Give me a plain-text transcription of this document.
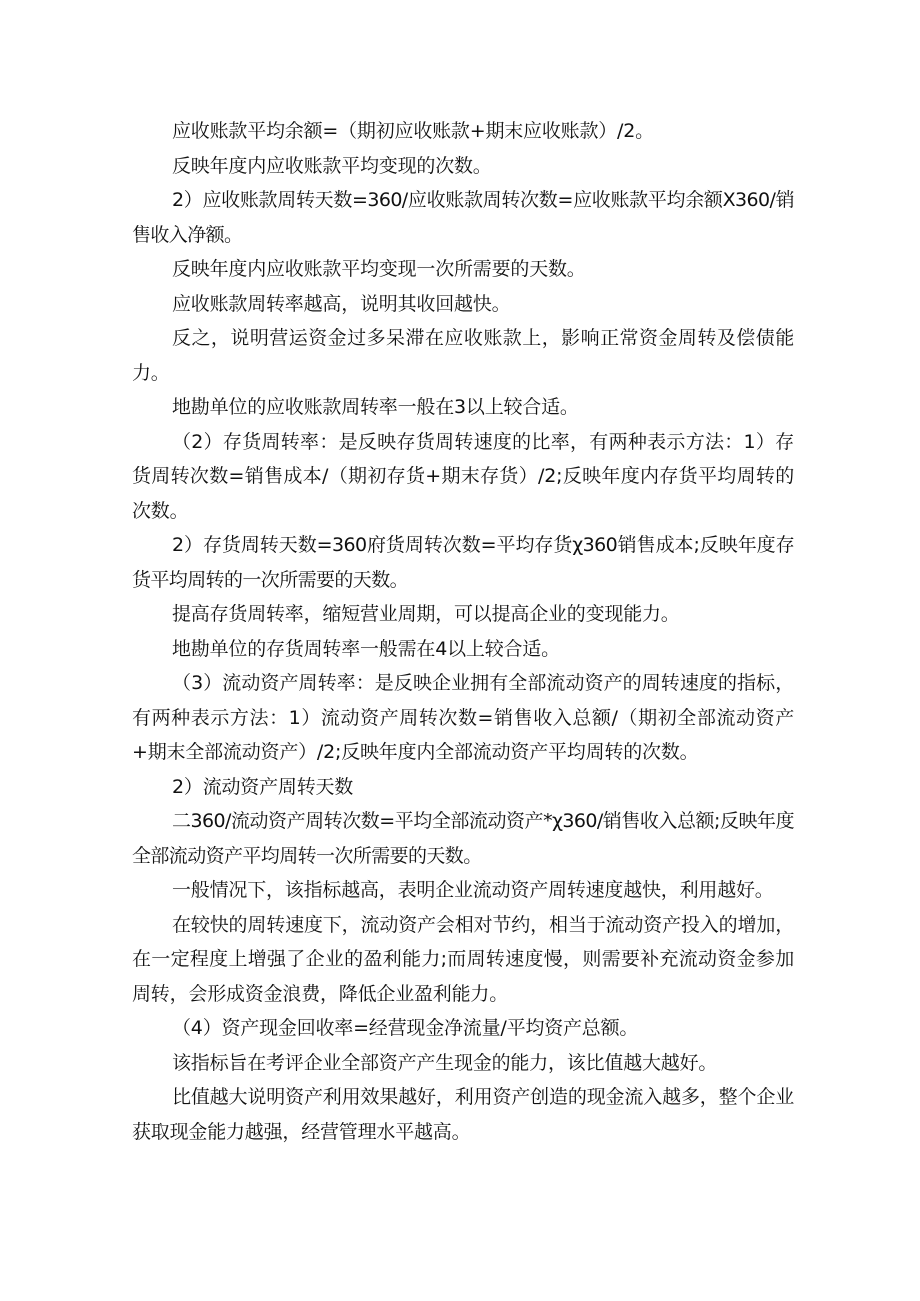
应收账款平均余额=（期初应收账款+期末应收账款）/2。

反映年度内应收账款平均变现的次数。

2）应收账款周转天数=360/应收账款周转次数=应收账款平均余额X360/销售收入净额。

反映年度内应收账款平均变现一次所需要的天数。

应收账款周转率越高，说明其收回越快。

反之，说明营运资金过多呆滞在应收账款上，影响正常资金周转及偿债能力。

地勘单位的应收账款周转率一般在3以上较合适。

（2）存货周转率：是反映存货周转速度的比率，有两种表示方法：1）存货周转次数=销售成本/（期初存货+期末存货）/2;反映年度内存货平均周转的次数。

2）存货周转天数=360府货周转次数=平均存货χ360销售成本;反映年度存货平均周转的一次所需要的天数。

提高存货周转率，缩短营业周期，可以提高企业的变现能力。

地勘单位的存货周转率一般需在4以上较合适。

（3）流动资产周转率：是反映企业拥有全部流动资产的周转速度的指标，有两种表示方法：1）流动资产周转次数=销售收入总额/（期初全部流动资产+期末全部流动资产）/2;反映年度内全部流动资产平均周转的次数。

2）流动资产周转天数

二360/流动资产周转次数=平均全部流动资产*χ360/销售收入总额;反映年度全部流动资产平均周转一次所需要的天数。

一般情况下，该指标越高，表明企业流动资产周转速度越快，利用越好。

在较快的周转速度下，流动资产会相对节约，相当于流动资产投入的增加，在一定程度上增强了企业的盈利能力;而周转速度慢，则需要补充流动资金参加周转，会形成资金浪费，降低企业盈利能力。

（4）资产现金回收率=经营现金净流量/平均资产总额。

该指标旨在考评企业全部资产产生现金的能力，该比值越大越好。

比值越大说明资产利用效果越好，利用资产创造的现金流入越多，整个企业获取现金能力越强，经营管理水平越高。
